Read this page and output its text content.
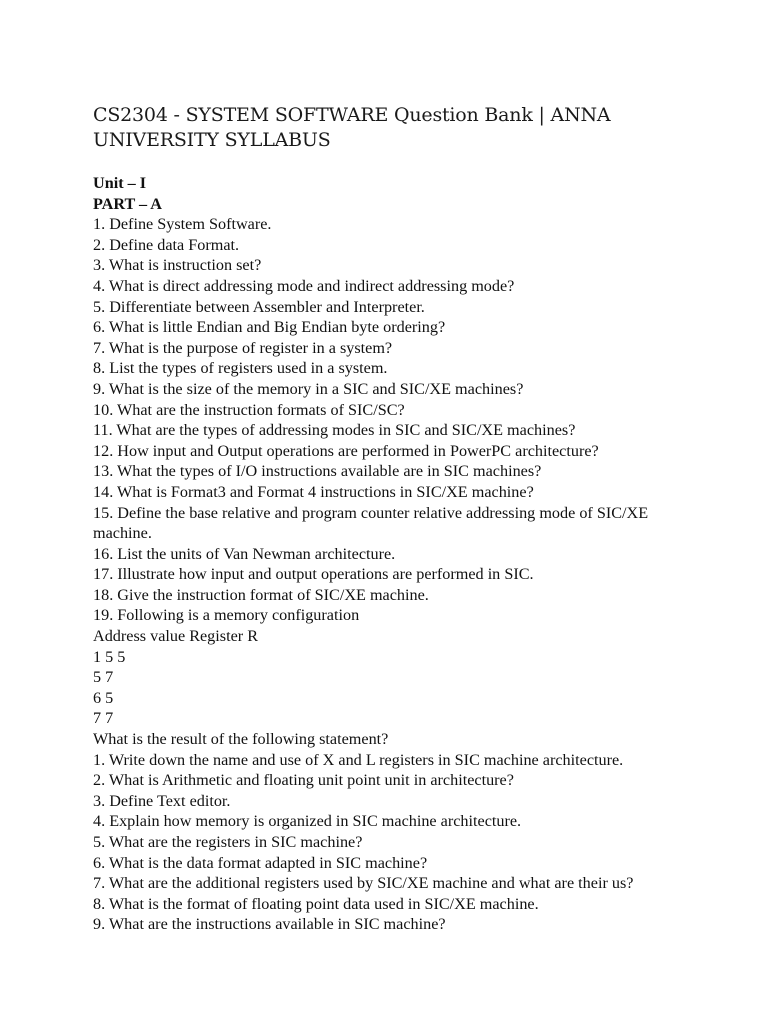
CS2304 - SYSTEM SOFTWARE Question Bank | ANNA UNIVERSITY SYLLABUS
Unit – I
PART – A
1. Define System Software.
2. Define data Format.
3. What is instruction set?
4. What is direct addressing mode and indirect addressing mode?
5. Differentiate between Assembler and Interpreter.
6. What is little Endian and Big Endian byte ordering?
7. What is the purpose of register in a system?
8. List the types of registers used in a system.
9. What is the size of the memory in a SIC and SIC/XE machines?
10. What are the instruction formats of SIC/SC?
11. What are the types of addressing modes in SIC and SIC/XE machines?
12. How input and Output operations are performed in PowerPC architecture?
13. What the types of I/O instructions available are in SIC machines?
14. What is Format3 and Format 4 instructions in SIC/XE machine?
15. Define the base relative and program counter relative addressing mode of SIC/XE machine.
16. List the units of Van Newman architecture.
17. Illustrate how input and output operations are performed in SIC.
18. Give the instruction format of SIC/XE machine.
19. Following is a memory configuration
Address value Register R
1 5 5
5 7
6 5
7 7
What is the result of the following statement?
1. Write down the name and use of X and L registers in SIC machine architecture.
2. What is Arithmetic and floating unit point unit in architecture?
3. Define Text editor.
4. Explain how memory is organized in SIC machine architecture.
5. What are the registers in SIC machine?
6. What is the data format adapted in SIC machine?
7. What are the additional registers used by SIC/XE machine and what are their us?
8. What is the format of floating point data used in SIC/XE machine.
9. What are the instructions available in SIC machine?
